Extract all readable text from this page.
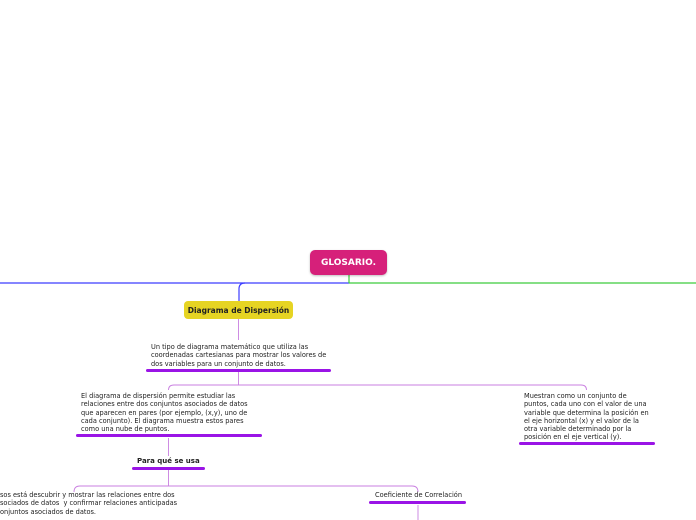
GLOSARIO.
Diagrama de Dispersión
Un tipo de diagrama matemático que utiliza las
coordenadas cartesianas para mostrar los valores de
dos variables para un conjunto de datos.
El diagrama de dispersión permite estudiar las
relaciones entre dos conjuntos asociados de datos
que aparecen en pares (por ejemplo, (x,y), uno de
cada conjunto). El diagrama muestra estos pares
como una nube de puntos.
Muestran como un conjunto de
puntos, cada uno con el valor de una
variable que determina la posición en
el eje horizontal (x) y el valor de la
otra variable determinado por la
posición en el eje vertical (y).
Para qué se usa
sos está descubrir y mostrar las relaciones entre dos
sociados de datos  y confirmar relaciones anticipadas
onjuntos asociados de datos.
Coeficiente de Correlación
